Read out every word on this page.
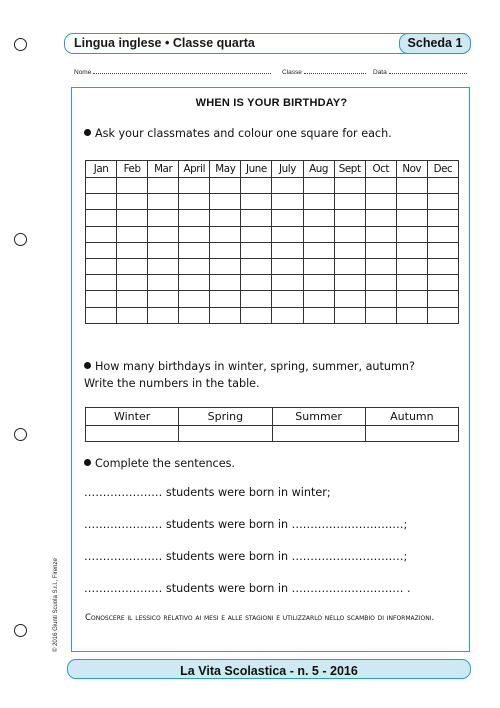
Lingua inglese • Classe quarta	Scheda 1
Nome	Classe	Data
WHEN IS YOUR BIRTHDAY?
Ask your classmates and colour one square for each.
Jan	Feb	Mar	April	May	June	July	Aug	Sept	Oct	Nov	Dec

How many birthdays in winter, spring, summer, autumn?
Write the numbers in the table.
Winter	Spring	Summer	Autumn

Complete the sentences.
………………… students were born in winter;
………………… students were born in …………………………;
………………… students were born in …………………………;
………………… students were born in ………………………… .
Conoscere il lessico relativo ai mesi e alle stagioni e utilizzarlo nello scambio di informazioni.
© 2016 Giunti Scuola S.r.l., Firenze
La Vita Scolastica - n. 5 - 2016
